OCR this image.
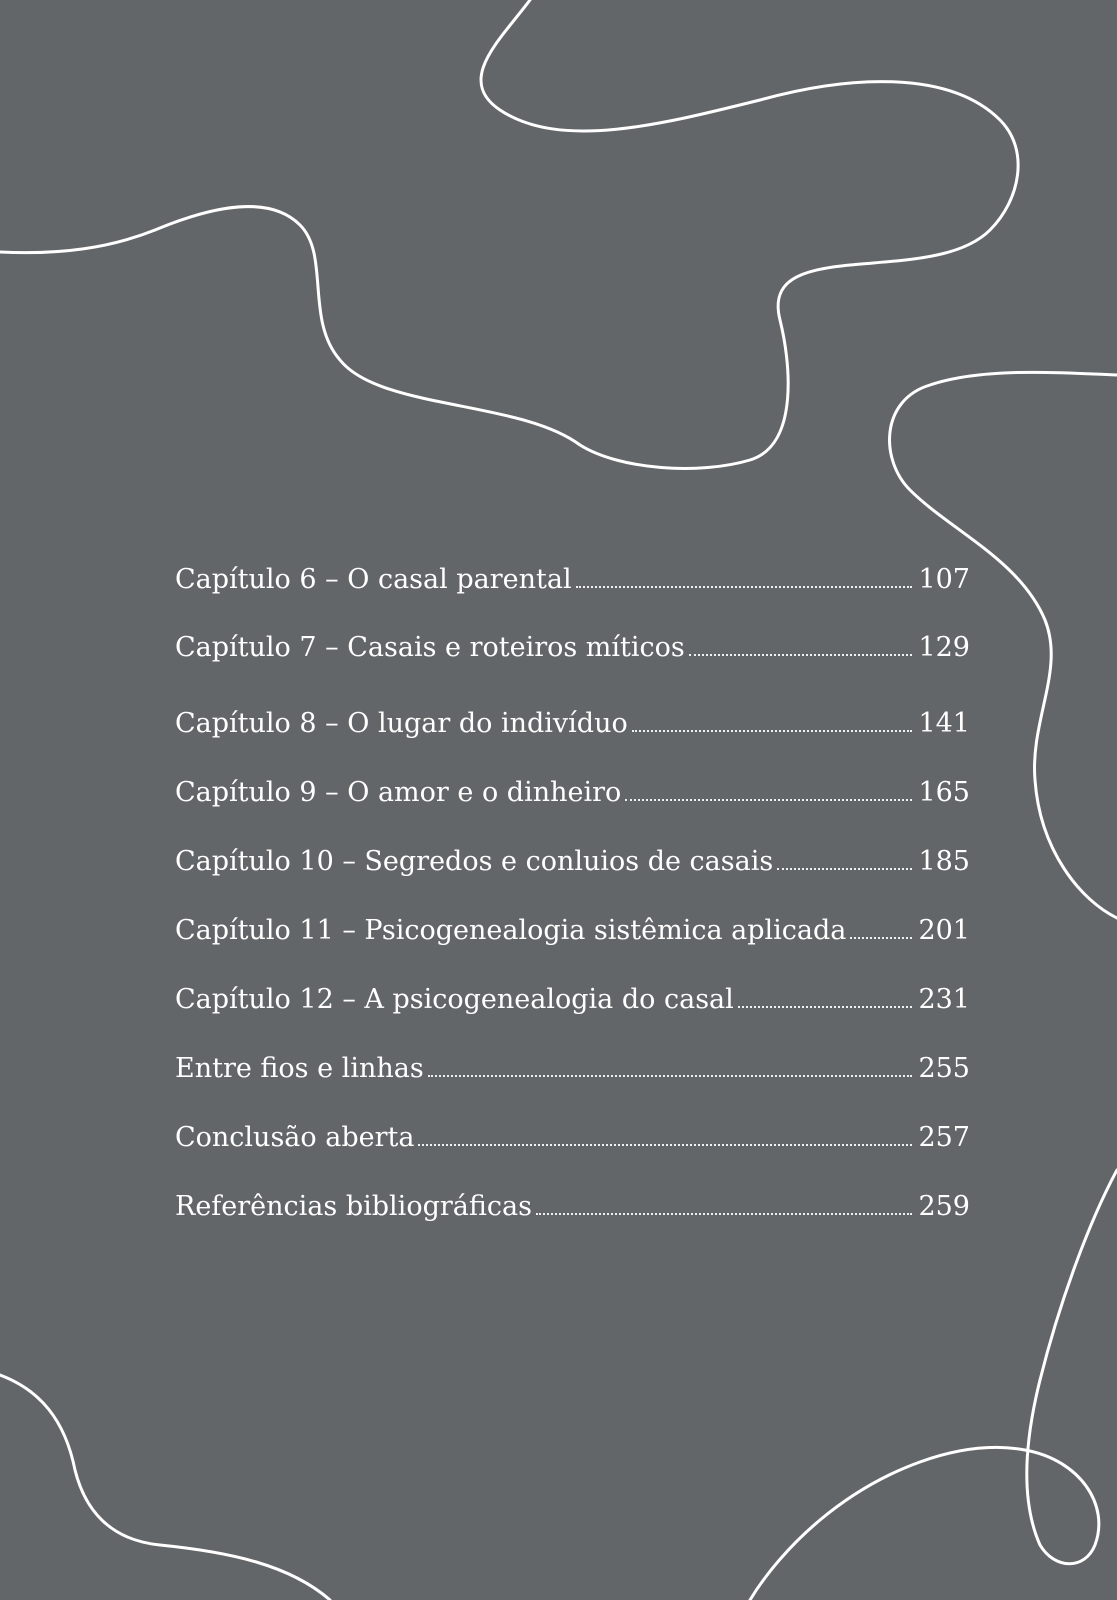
Capítulo 6 – O casal parental	107
Capítulo 7 – Casais e roteiros míticos	129
Capítulo 8 – O lugar do indivíduo	141
Capítulo 9 – O amor e o dinheiro	165
Capítulo 10 – Segredos e conluios de casais	185
Capítulo 11 – Psicogenealogia sistêmica aplicada	201
Capítulo 12 – A psicogenealogia do casal	231
Entre fios e linhas	255
Conclusão aberta	257
Referências bibliográficas	259
